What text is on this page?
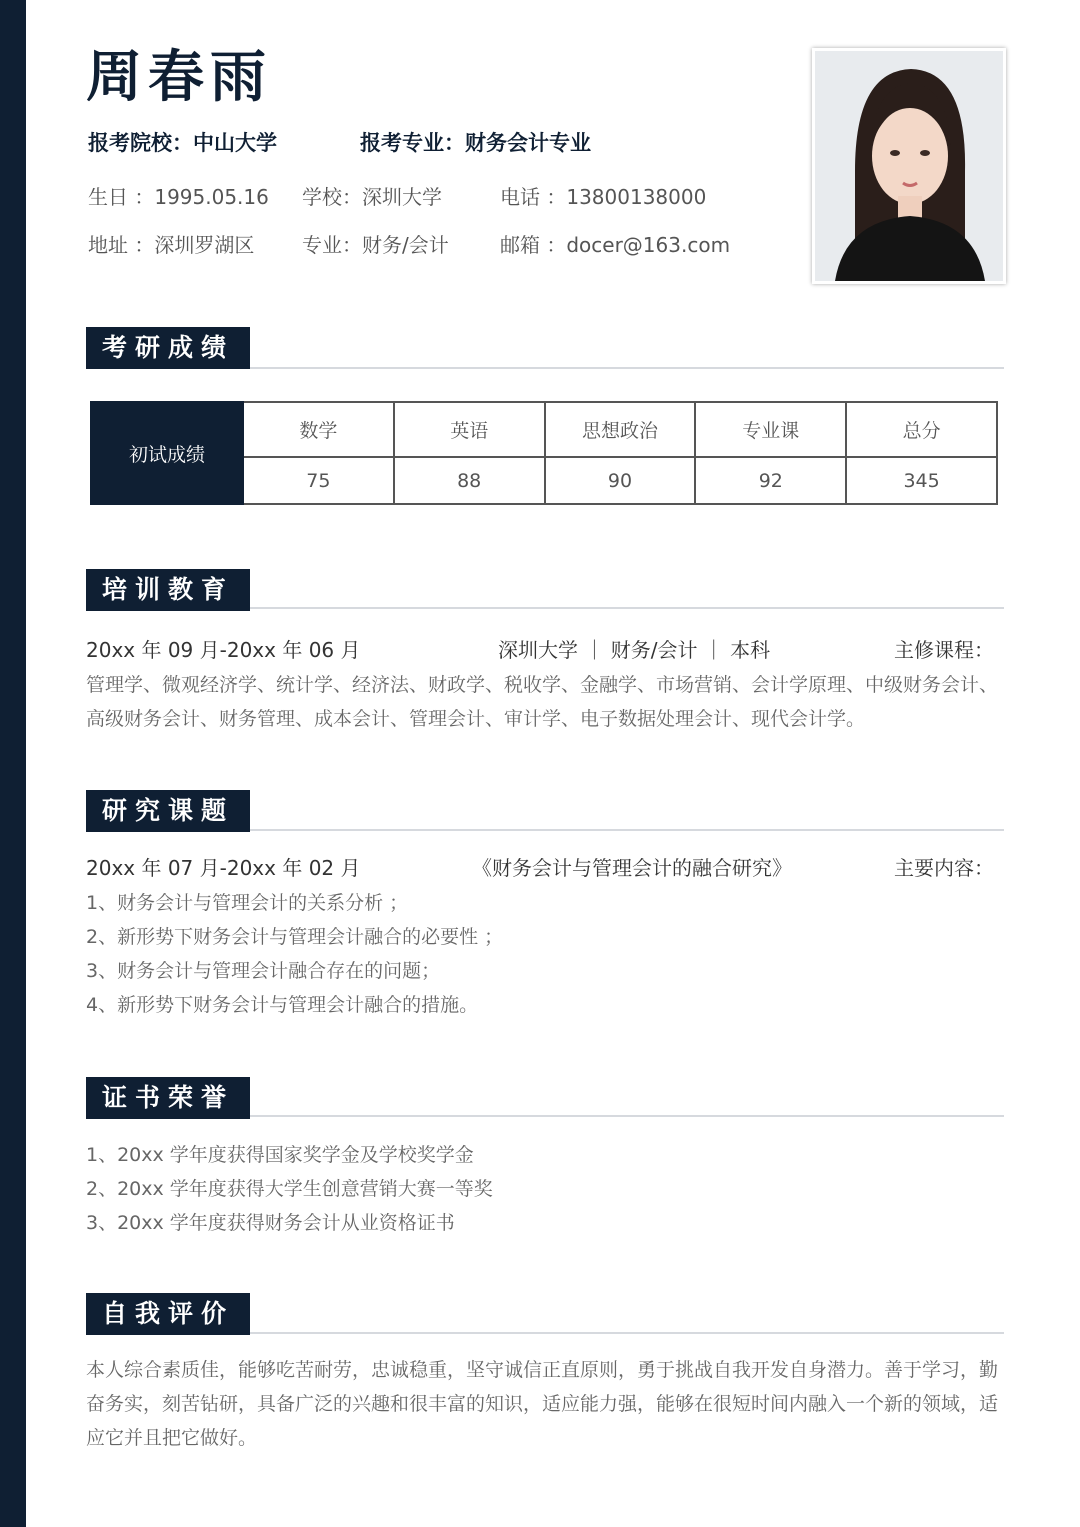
周春雨
报考院校：中山大学	报考专业：财务会计专业
生日 ：1995.05.16 学校：深圳大学	电话 ：13800138000
地址 ：深圳罗湖区 专业：财务/会计	邮箱 ：docer@163.com
考研成绩
初试成绩	数学	英语	思想政治	专业课	总分
	75	88	90	92	345
培训教育
20xx 年 09 月-20xx 年 06 月	深圳大学 ｜ 财务/会计 ｜ 本科	主修课程：
管理学、微观经济学、统计学、经济法、财政学、税收学、金融学、市场营销、会计学原理、中级财务会计、高级财务会计、财务管理、成本会计、管理会计、审计学、电子数据处理会计、现代会计学。
研究课题
20xx 年 07 月-20xx 年 02 月	《财务会计与管理会计的融合研究》	主要内容：
1、财务会计与管理会计的关系分析 ；
2、新形势下财务会计与管理会计融合的必要性 ；
3、财务会计与管理会计融合存在的问题；
4、新形势下财务会计与管理会计融合的措施。
证书荣誉
1、20xx 学年度获得国家奖学金及学校奖学金
2、20xx 学年度获得大学生创意营销大赛一等奖
3、20xx 学年度获得财务会计从业资格证书
自我评价
本人综合素质佳，能够吃苦耐劳，忠诚稳重，坚守诚信正直原则，勇于挑战自我开发自身潜力。善于学习，勤奋务实，刻苦钻研，具备广泛的兴趣和很丰富的知识，适应能力强，能够在很短时间内融入一个新的领域，适应它并且把它做好。
